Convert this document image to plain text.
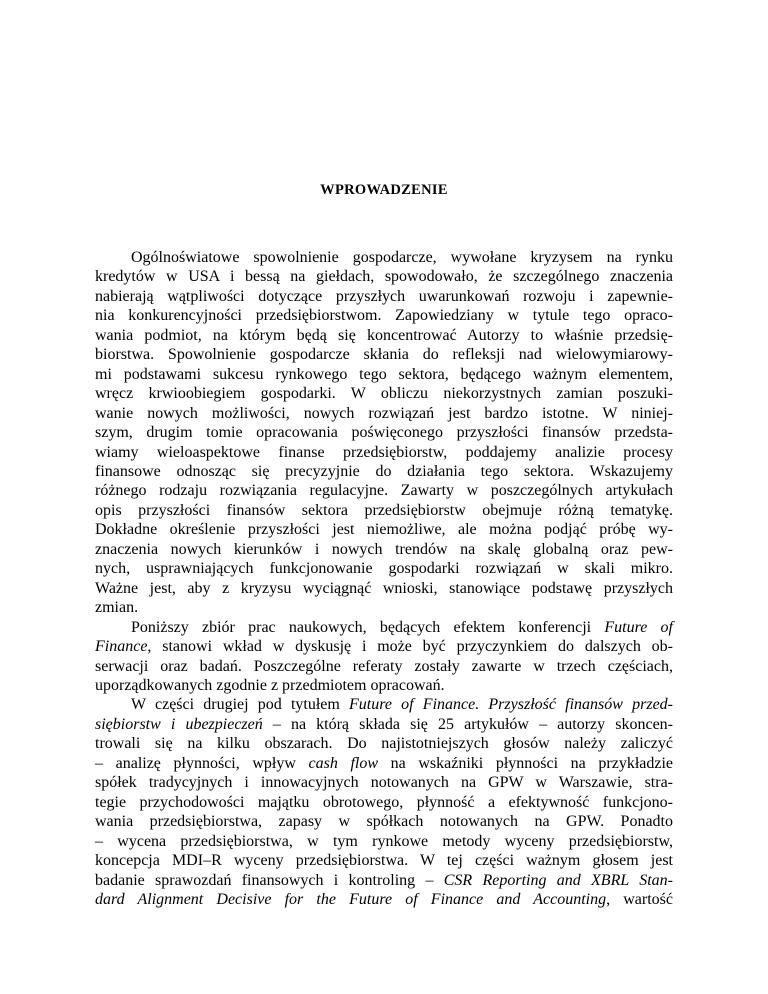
WPROWADZENIE
Ogólnoświatowe spowolnienie gospodarcze, wywołane kryzysem na rynku
kredytów w USA i bessą na giełdach, spowodowało, że szczególnego znaczenia
nabierają wątpliwości dotyczące przyszłych uwarunkowań rozwoju i zapewnie-
nia konkurencyjności przedsiębiorstwom. Zapowiedziany w tytule tego opraco-
wania podmiot, na którym będą się koncentrować Autorzy to właśnie przedsię-
biorstwa. Spowolnienie gospodarcze skłania do refleksji nad wielowymiarowy-
mi podstawami sukcesu rynkowego tego sektora, będącego ważnym elementem,
wręcz krwioobiegiem gospodarki. W obliczu niekorzystnych zamian poszuki-
wanie nowych możliwości, nowych rozwiązań jest bardzo istotne. W niniej-
szym, drugim tomie opracowania poświęconego przyszłości finansów przedsta-
wiamy wieloaspektowe finanse przedsiębiorstw, poddajemy analizie procesy
finansowe odnosząc się precyzyjnie do działania tego sektora. Wskazujemy
różnego rodzaju rozwiązania regulacyjne. Zawarty w poszczególnych artykułach
opis przyszłości finansów sektora przedsiębiorstw obejmuje różną tematykę.
Dokładne określenie przyszłości jest niemożliwe, ale można podjąć próbę wy-
znaczenia nowych kierunków i nowych trendów na skalę globalną oraz pew-
nych, usprawniających funkcjonowanie gospodarki rozwiązań w skali mikro.
Ważne jest, aby z kryzysu wyciągnąć wnioski, stanowiące podstawę przyszłych
zmian.
Poniższy zbiór prac naukowych, będących efektem konferencji Future of
Finance, stanowi wkład w dyskusję i może być przyczynkiem do dalszych ob-
serwacji oraz badań. Poszczególne referaty zostały zawarte w trzech częściach,
uporządkowanych zgodnie z przedmiotem opracowań.
W części drugiej pod tytułem Future of Finance. Przyszłość finansów przed-
siębiorstw i ubezpieczeń – na którą składa się 25 artykułów – autorzy skoncen-
trowali się na kilku obszarach. Do najistotniejszych głosów należy zaliczyć
– analizę płynności, wpływ cash flow na wskaźniki płynności na przykładzie
spółek tradycyjnych i innowacyjnych notowanych na GPW w Warszawie, stra-
tegie przychodowości majątku obrotowego, płynność a efektywność funkcjono-
wania przedsiębiorstwa, zapasy w spółkach notowanych na GPW. Ponadto
– wycena przedsiębiorstwa, w tym rynkowe metody wyceny przedsiębiorstw,
koncepcja MDI–R wyceny przedsiębiorstwa. W tej części ważnym głosem jest
badanie sprawozdań finansowych i kontroling – CSR Reporting and XBRL Stan-
dard Alignment Decisive for the Future of Finance and Accounting, wartość
